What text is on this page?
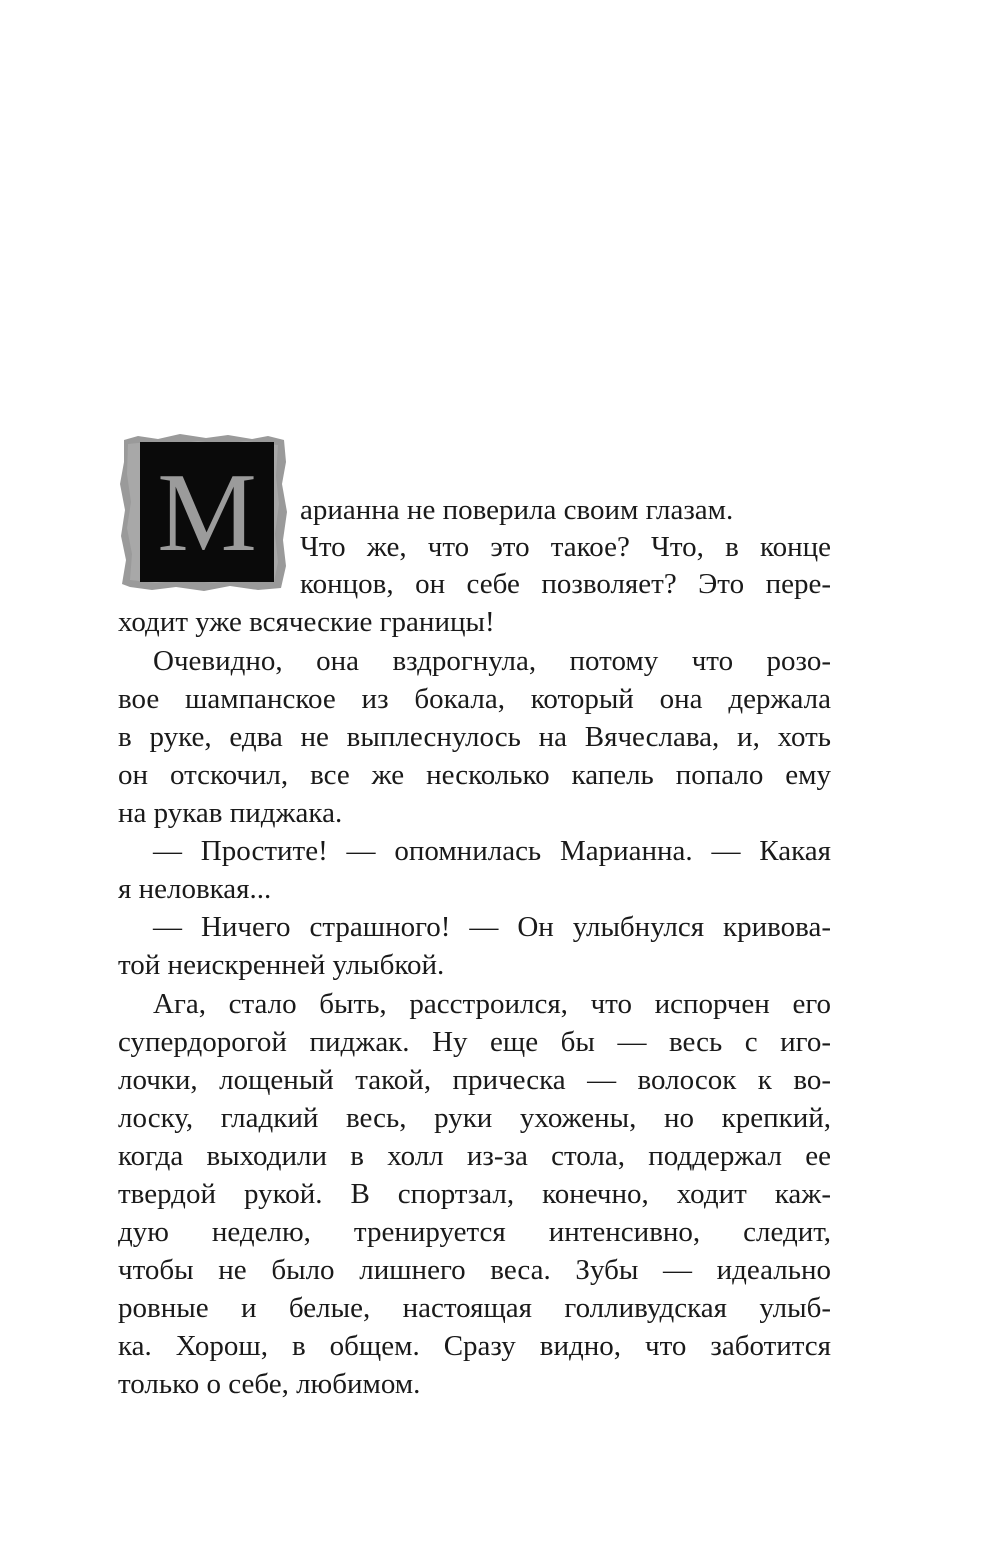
М арианна не поверила своим глазам.
Что же, что это такое? Что, в конце
концов, он себе позволяет? Это пере-
ходит уже всяческие границы!
Очевидно, она вздрогнула, потому что розо-
вое шампанское из бокала, который она держала
в руке, едва не выплеснулось на Вячеслава, и, хоть
он отскочил, все же несколько капель попало ему
на рукав пиджака.
— Простите! — опомнилась Марианна. — Какая
я неловкая...
— Ничего страшного! — Он улыбнулся кривова-
той неискренней улыбкой.
Ага, стало быть, расстроился, что испорчен его
супердорогой пиджак. Ну еще бы — весь с иго-
лочки, лощеный такой, прическа — волосок к во-
лоску, гладкий весь, руки ухожены, но крепкий,
когда выходили в холл из-за стола, поддержал ее
твердой рукой. В спортзал, конечно, ходит каж-
дую неделю, тренируется интенсивно, следит,
чтобы не было лишнего веса. Зубы — идеально
ровные и белые, настоящая голливудская улыб-
ка. Хорош, в общем. Сразу видно, что заботится
только о себе, любимом.
